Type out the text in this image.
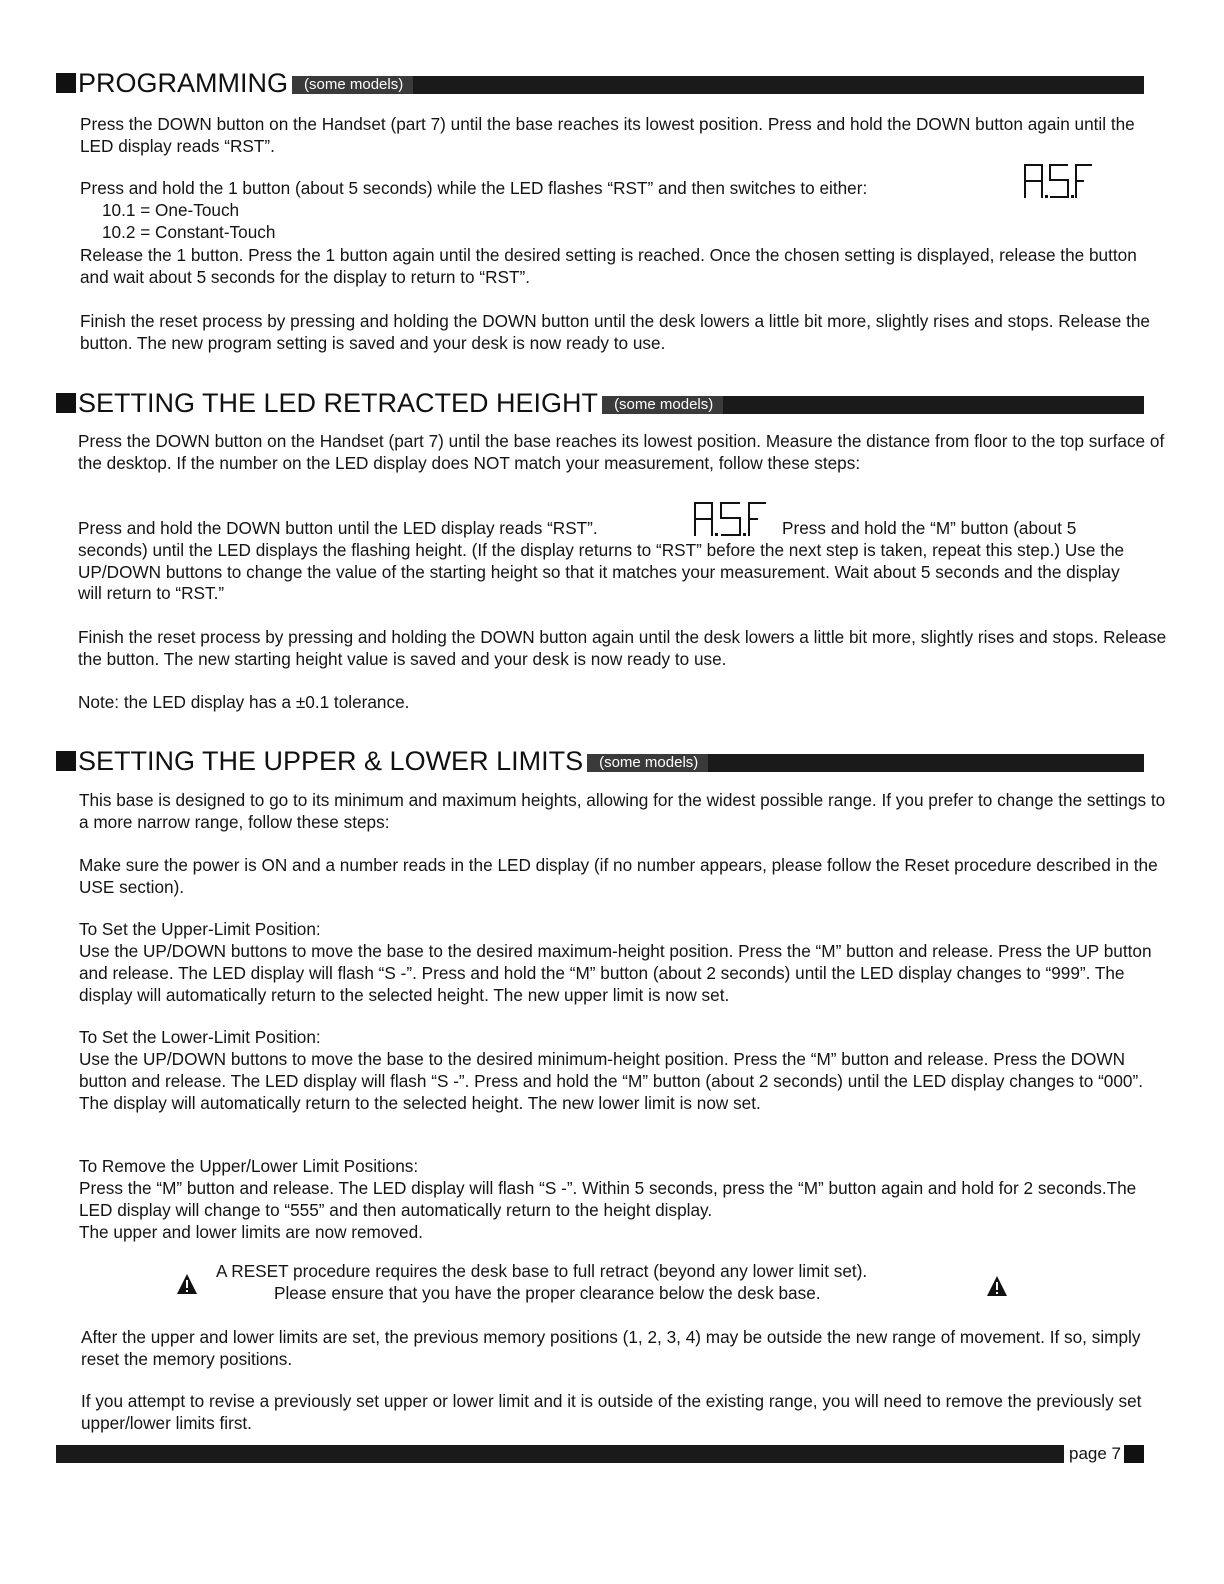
PROGRAMMING	(some models)

Press the DOWN button on the Handset (part 7) until the base reaches its lowest position. Press and hold the DOWN button again until the LED display reads “RST”.

Press and hold the 1 button (about 5 seconds) while the LED flashes “RST” and then switches to either:

10.1 = One-Touch
10.2 = Constant-Touch

Release the 1 button. Press the 1 button again until the desired setting is reached. Once the chosen setting is displayed, release the button and wait about 5 seconds for the display to return to “RST”.

Finish the reset process by pressing and holding the DOWN button until the desk lowers a little bit more, slightly rises and stops. Release the button. The new program setting is saved and your desk is now ready to use.

SETTING THE LED RETRACTED HEIGHT	(some models)

Press the DOWN button on the Handset (part 7) until the base reaches its lowest position. Measure the distance from floor to the top surface of the desktop. If the number on the LED display does NOT match your measurement, follow these steps:

Press and hold the DOWN button until the LED display reads “RST”.	Press and hold the “M” button (about 5 seconds) until the LED displays the flashing height. (If the display returns to “RST” before the next step is taken, repeat this step.) Use the UP/DOWN buttons to change the value of the starting height so that it matches your measurement. Wait about 5 seconds and the display will return to “RST.”

Finish the reset process by pressing and holding the DOWN button again until the desk lowers a little bit more, slightly rises and stops. Release the button. The new starting height value is saved and your desk is now ready to use.

Note: the LED display has a ±0.1 tolerance.

SETTING THE UPPER & LOWER LIMITS	(some models)

This base is designed to go to its minimum and maximum heights, allowing for the widest possible range. If you prefer to change the settings to a more narrow range, follow these steps:

Make sure the power is ON and a number reads in the LED display (if no number appears, please follow the Reset procedure described in the USE section).

To Set the Upper-Limit Position:

Use the UP/DOWN buttons to move the base to the desired maximum-height position. Press the “M” button and release. Press the UP button and release. The LED display will flash “S -”. Press and hold the “M” button (about 2 seconds) until the LED display changes to “999”. The display will automatically return to the selected height. The new upper limit is now set.

To Set the Lower-Limit Position:

Use the UP/DOWN buttons to move the base to the desired minimum-height position. Press the “M” button and release. Press the DOWN button and release. The LED display will flash “S -”. Press and hold the “M” button (about 2 seconds) until the LED display changes to “000”. The display will automatically return to the selected height. The new lower limit is now set.

To Remove the Upper/Lower Limit Positions:

Press the “M” button and release. The LED display will flash “S -”. Within 5 seconds, press the “M” button again and hold for 2 seconds.The LED display will change to “555” and then automatically return to the height display.

The upper and lower limits are now removed.

A RESET procedure requires the desk base to full retract (beyond any lower limit set).
Please ensure that you have the proper clearance below the desk base.

After the upper and lower limits are set, the previous memory positions (1, 2, 3, 4) may be outside the new range of movement. If so, simply reset the memory positions.

If you attempt to revise a previously set upper or lower limit and it is outside of the existing range, you will need to remove the previously set upper/lower limits first.

page 7
